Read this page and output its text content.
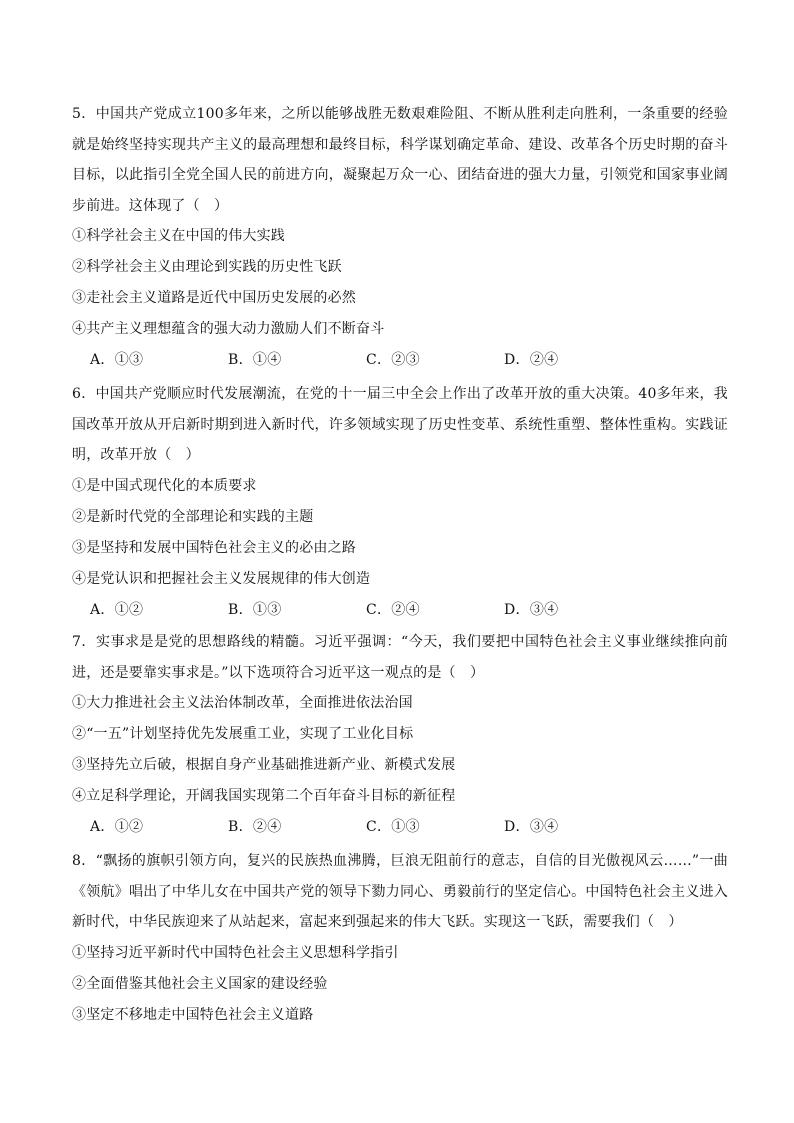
5．中国共产党成立100多年来，之所以能够战胜无数艰难险阻、不断从胜利走向胜利，一条重要的经验就是始终坚持实现共产主义的最高理想和最终目标，科学谋划确定革命、建设、改革各个历史时期的奋斗目标，以此指引全党全国人民的前进方向，凝聚起万众一心、团结奋进的强大力量，引领党和国家事业阔步前进。这体现了（　）

①科学社会主义在中国的伟大实践

②科学社会主义由理论到实践的历史性飞跃

③走社会主义道路是近代中国历史发展的必然

④共产主义理想蕴含的强大动力激励人们不断奋斗

A．①③	B．①④	C．②③	D．②④

6．中国共产党顺应时代发展潮流，在党的十一届三中全会上作出了改革开放的重大决策。40多年来，我国改革开放从开启新时期到进入新时代，许多领域实现了历史性变革、系统性重塑、整体性重构。实践证明，改革开放（　）

①是中国式现代化的本质要求

②是新时代党的全部理论和实践的主题

③是坚持和发展中国特色社会主义的必由之路

④是党认识和把握社会主义发展规律的伟大创造

A．①②	B．①③	C．②④	D．③④

7．实事求是是党的思想路线的精髓。习近平强调：“今天，我们要把中国特色社会主义事业继续推向前进，还是要靠实事求是。”以下选项符合习近平这一观点的是（　）

①大力推进社会主义法治体制改革，全面推进依法治国

②“一五”计划坚持优先发展重工业，实现了工业化目标

③坚持先立后破，根据自身产业基础推进新产业、新模式发展

④立足科学理论，开阔我国实现第二个百年奋斗目标的新征程

A．①②	B．②④	C．①③	D．③④

8．“飘扬的旗帜引领方向，复兴的民族热血沸腾，巨浪无阻前行的意志，自信的目光傲视风云……”一曲《领航》唱出了中华儿女在中国共产党的领导下勠力同心、勇毅前行的坚定信心。中国特色社会主义进入新时代，中华民族迎来了从站起来，富起来到强起来的伟大飞跃。实现这一飞跃，需要我们（　）

①坚持习近平新时代中国特色社会主义思想科学指引

②全面借鉴其他社会主义国家的建设经验

③坚定不移地走中国特色社会主义道路
